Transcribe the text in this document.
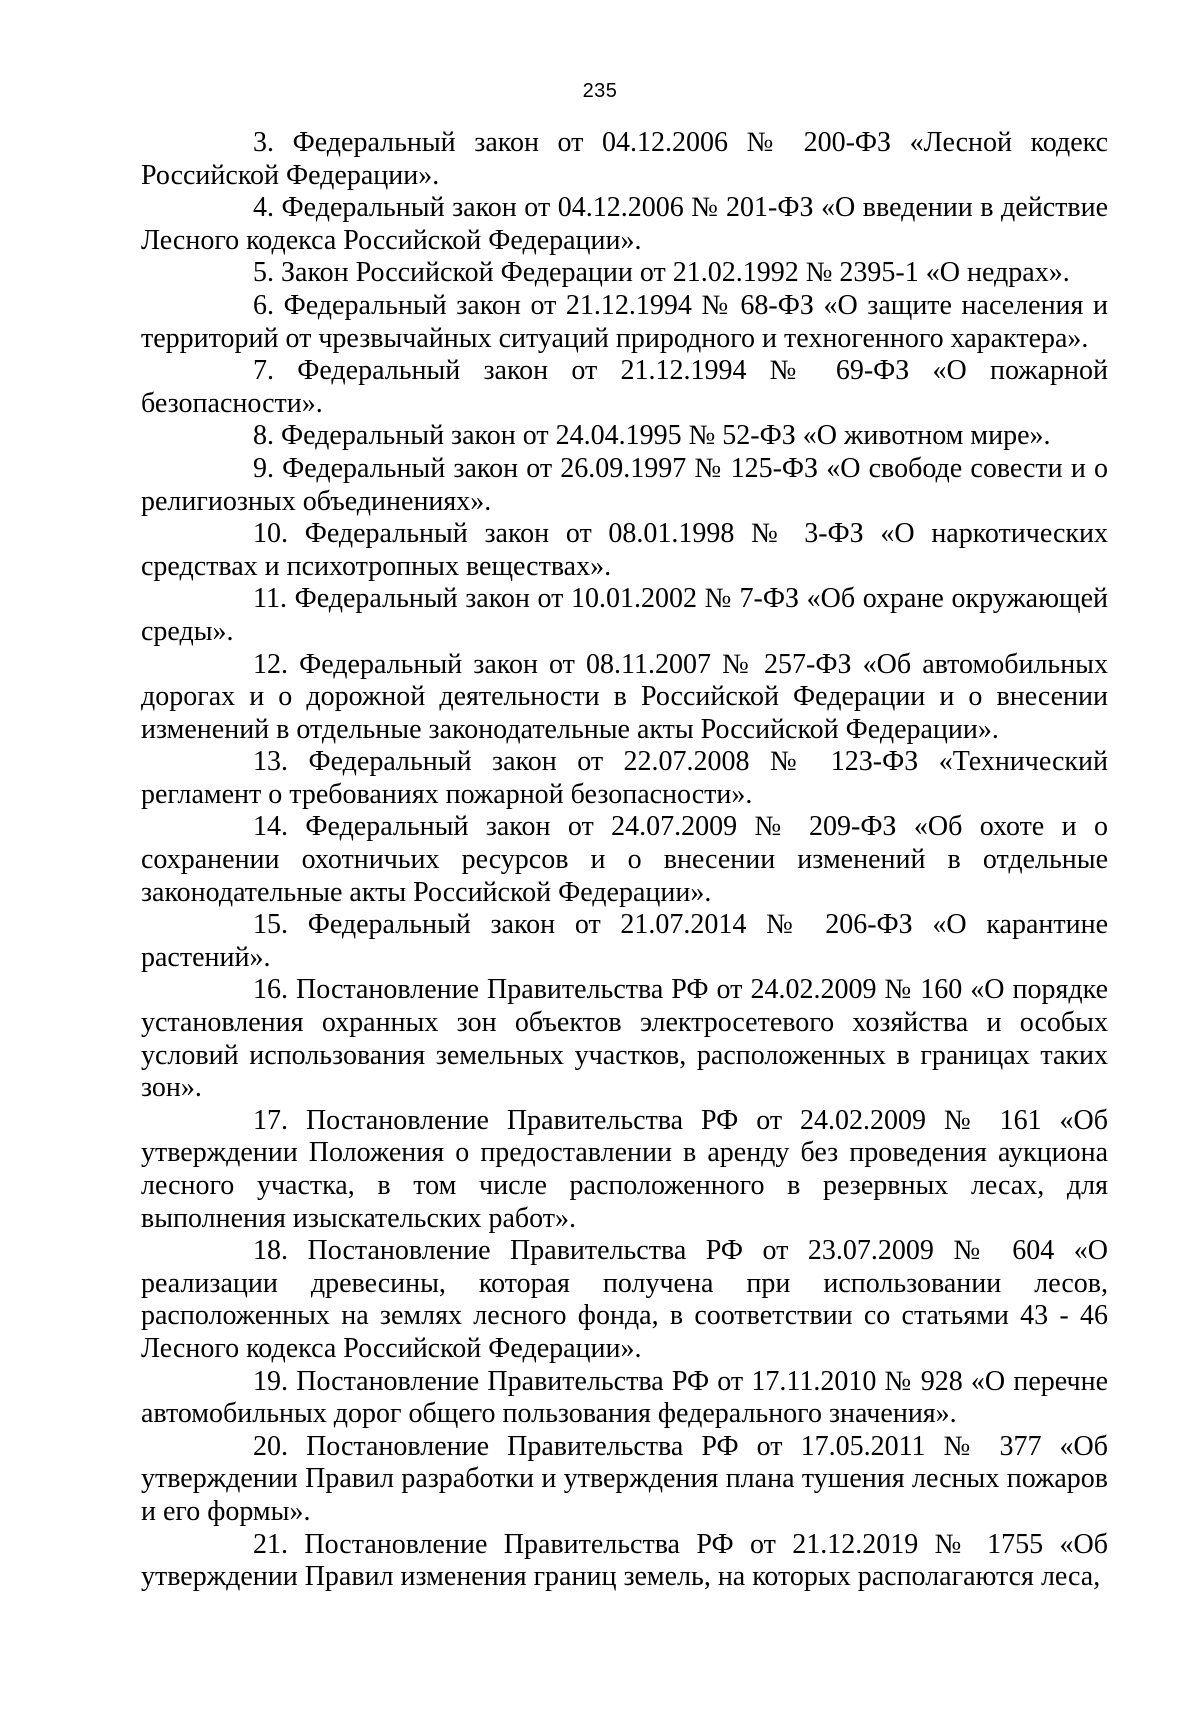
235
3. Федеральный закон от 04.12.2006 № 200-ФЗ «Лесной кодекс Российской Федерации».
4. Федеральный закон от 04.12.2006 № 201-ФЗ «О введении в действие Лесного кодекса Российской Федерации».
5. Закон Российской Федерации от 21.02.1992 № 2395-1 «О недрах».
6. Федеральный закон от 21.12.1994 № 68-ФЗ «О защите населения и территорий от чрезвычайных ситуаций природного и техногенного характера».
7. Федеральный закон от 21.12.1994 № 69-ФЗ «О пожарной безопасности».
8. Федеральный закон от 24.04.1995 № 52-ФЗ «О животном мире».
9. Федеральный закон от 26.09.1997 № 125-ФЗ «О свободе совести и о религиозных объединениях».
10. Федеральный закон от 08.01.1998 № 3-ФЗ «О наркотических средствах и психотропных веществах».
11. Федеральный закон от 10.01.2002 № 7-ФЗ «Об охране окружающей среды».
12. Федеральный закон от 08.11.2007 № 257-ФЗ «Об автомобильных дорогах и о дорожной деятельности в Российской Федерации и о внесении изменений в отдельные законодательные акты Российской Федерации».
13. Федеральный закон от 22.07.2008 № 123-ФЗ «Технический регламент о требованиях пожарной безопасности».
14. Федеральный закон от 24.07.2009 № 209-ФЗ «Об охоте и о сохранении охотничьих ресурсов и о внесении изменений в отдельные законодательные акты Российской Федерации».
15. Федеральный закон от 21.07.2014 № 206-ФЗ «О карантине растений».
16. Постановление Правительства РФ от 24.02.2009 № 160 «О порядке установления охранных зон объектов электросетевого хозяйства и особых условий использования земельных участков, расположенных в границах таких зон».
17. Постановление Правительства РФ от 24.02.2009 № 161 «Об утверждении Положения о предоставлении в аренду без проведения аукциона лесного участка, в том числе расположенного в резервных лесах, для выполнения изыскательских работ».
18. Постановление Правительства РФ от 23.07.2009 № 604 «О реализации древесины, которая получена при использовании лесов, расположенных на землях лесного фонда, в соответствии со статьями 43 - 46 Лесного кодекса Российской Федерации».
19. Постановление Правительства РФ от 17.11.2010 № 928 «О перечне автомобильных дорог общего пользования федерального значения».
20. Постановление Правительства РФ от 17.05.2011 № 377 «Об утверждении Правил разработки и утверждения плана тушения лесных пожаров и его формы».
21. Постановление Правительства РФ от 21.12.2019 № 1755 «Об утверждении Правил изменения границ земель, на которых располагаются леса,
